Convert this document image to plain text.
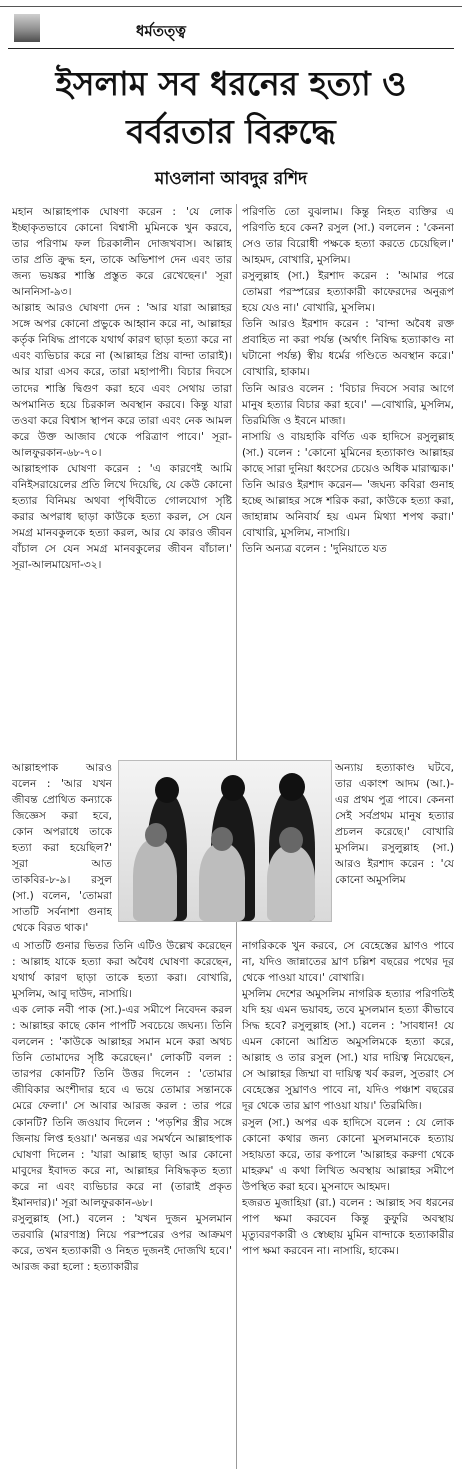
ধর্মতত্ত্ব
ইসলাম সব ধরনের হত্যা ও
বর্বরতার বিরুদ্ধে
মাওলানা আবদুর রশিদ

মহান আল্লাহপাক ঘোষণা করেন : 'যে লোক ইচ্ছাকৃতভাবে কোনো বিশ্বাসী মুমিনকে খুন করবে, তার পরিণাম ফল চিরকালীন দোজখবাস। আল্লাহ তার প্রতি ক্রুদ্ধ হন, তাকে অভিশাপ দেন এবং তার জন্য ভয়ঙ্কর শাস্তি প্রস্তুত করে রেখেছেন।' সূরা আননিসা-৯৩।

আল্লাহ আরও ঘোষণা দেন : 'আর যারা আল্লাহর সঙ্গে অপর কোনো প্রভুকে আহ্বান করে না, আল্লাহর কর্তৃক নিষিদ্ধ প্রাণকে যথার্থ কারণ ছাড়া হত্যা করে না এবং ব্যভিচার করে না (আল্লাহর প্রিয় বান্দা তারাই)। আর যারা এসব করে, তারা মহাপাপী। বিচার দিবসে তাদের শাস্তি দ্বিগুণ করা হবে এবং সেথায় তারা অপমানিত হয়ে চিরকাল অবস্থান করবে। কিন্তু যারা তওবা করে বিশ্বাস স্থাপন করে তারা এবং নেক আমল করে উক্ত আজাব থেকে পরিত্রাণ পাবে।' সূরা-আলফুরকান-৬৮-৭০।

আল্লাহপাক ঘোষণা করেন : 'এ কারণেই আমি বনিইসরায়েলের প্রতি লিখে দিয়েছি, যে কেউ কোনো হত্যার বিনিময় অথবা পৃথিবীতে গোলযোগ সৃষ্টি করার অপরাধ ছাড়া কাউকে হত্যা করল, সে যেন সমগ্র মানবকুলকে হত্যা করল, আর যে কারও জীবন বাঁচাল সে যেন সমগ্র মানবকুলের জীবন বাঁচাল।' সূরা-আলমায়েদা-৩২।

আল্লাহপাক আরও বলেন : 'আর যখন জীবন্ত প্রোথিত কন্যাকে জিজ্ঞেস করা হবে, কোন অপরাধে তাকে হত্যা করা হয়েছিল?' সূরা আত তাকবির-৮-৯। রসুল (সা.) বলেন, 'তোমরা সাতটি সর্বনাশা গুনাহ থেকে বিরত থাক।'
অন্যায় হত্যাকাণ্ড ঘটবে, তার একাংশ আদম (আ.)-এর প্রথম পুত্র পাবে। কেননা সেই সর্বপ্রথম মানুষ হত্যার প্রচলন করেছে।' বোখারি মুসলিম। রসুলুল্লাহ (সা.) আরও ইরশাদ করেন : 'যে কোনো অমুসলিম

এ সাতটি গুনার ভিতর তিনি এটিও উল্লেখ করেছেন : আল্লাহ যাকে হত্যা করা অবৈধ ঘোষণা করেছেন, যথার্থ কারণ ছাড়া তাকে হত্যা করা। বোখারি, মুসলিম, আবু দাউদ, নাসায়ি।

এক লোক নবী পাক (সা.)-এর সমীপে নিবেদন করল : আল্লাহর কাছে কোন পাপটি সবচেয়ে জঘন্য। তিনি বললেন : 'কাউকে আল্লাহর সমান মনে করা অথচ তিনি তোমাদের সৃষ্টি করেছেন।' লোকটি বলল : তারপর কোনটি? তিনি উত্তর দিলেন : 'তোমার জীবিকার অংশীদার হবে এ ভয়ে তোমার সন্তানকে মেরে ফেলা।' সে আবার আরজ করল : তার পরে কোনটি? তিনি জওয়াব দিলেন : 'পড়শির স্ত্রীর সঙ্গে জিনায় লিপ্ত হওয়া।' অনন্তর এর সমর্থনে আল্লাহপাক ঘোষণা দিলেন : 'যারা আল্লাহ ছাড়া আর কোনো মাবুদের ইবাদত করে না, আল্লাহর নিষিদ্ধকৃত হত্যা করে না এবং ব্যভিচার করে না (তারাই প্রকৃত ইমানদার)।' সূরা আলফুরকান-৬৮।

রসুলুল্লাহ (সা.) বলেন : 'যখন দুজন মুসলমান তরবারি (মারণাস্ত্র) নিয়ে পরস্পরের ওপর আক্রমণ করে, তখন হত্যাকারী ও নিহত দুজনই দোজখি হবে।' আরজ করা হলো : হত্যাকারীর

পরিণতি তো বুঝলাম। কিন্তু নিহত ব্যক্তির এ পরিণতি হবে কেন? রসুল (সা.) বললেন : 'কেননা সেও তার বিরোধী পক্ষকে হত্যা করতে চেয়েছিল।' আহমদ, বোখারি, মুসলিম।

রসুলুল্লাহ (সা.) ইরশাদ করেন : 'আমার পরে তোমরা পরস্পরের হত্যাকারী কাফেরদের অনুরূপ হয়ে যেও না।' বোখারি, মুসলিম।

তিনি আরও ইরশাদ করেন : 'বান্দা অবৈধ রক্ত প্রবাহিত না করা পর্যন্ত (অর্থাৎ নিষিদ্ধ হত্যাকাণ্ড না ঘটানো পর্যন্ত) স্বীয় ধর্মের গণ্ডিতে অবস্থান করে।' বোখারি, হাকাম।

তিনি আরও বলেন : 'বিচার দিবসে সবার আগে মানুষ হত্যার বিচার করা হবে।' —বোখারি, মুসলিম, তিরমিজি ও ইবনে মাজা।

নাসায়ি ও বায়হাকি বর্ণিত এক হাদিসে রসুলুল্লাহ (সা.) বলেন : 'কোনো মুমিনের হত্যাকাণ্ড আল্লাহর কাছে সারা দুনিয়া ধ্বংসের চেয়েও অধিক মারাত্মক।' তিনি আরও ইরশাদ করেন— 'জঘন্য কবিরা গুনাহ হচ্ছে আল্লাহর সঙ্গে শরিক করা, কাউকে হত্যা করা, জাহান্নাম অনিবার্য হয় এমন মিথ্যা শপথ করা।' বোখারি, মুসলিম, নাসায়ি।

তিনি অন্যত্র বলেন : 'দুনিয়াতে যত

নাগরিককে খুন করবে, সে বেহেস্তের ঘ্রাণও পাবে না, যদিও জান্নাতের ঘ্রাণ চল্লিশ বছরের পথের দূর থেকে পাওয়া যাবে।' বোখারি।

মুসলিম দেশের অমুসলিম নাগরিক হত্যার পরিণতিই যদি হয় এমন ভয়াবহ, তবে মুসলমান হত্যা কীভাবে সিদ্ধ হবে? রসুলুল্লাহ (সা.) বলেন : 'সাবধান! যে এমন কোনো আশ্রিত অমুসলিমকে হত্যা করে, আল্লাহ ও তার রসুল (সা.) যার দায়িত্ব নিয়েছেন, সে আল্লাহর জিম্মা বা দায়িত্ব খর্ব করল, সুতরাং সে বেহেস্তের সুঘ্রাণও পাবে না, যদিও পঞ্চাশ বছরের দূর থেকে তার ঘ্রাণ পাওয়া যায়।' তিরমিজি।

রসুল (সা.) অপর এক হাদিসে বলেন : যে লোক কোনো কথার জন্য কোনো মুসলমানকে হত্যায় সহায়তা করে, তার কপালে 'আল্লাহর করুণা থেকে মাহরুম' এ কথা লিখিত অবস্থায় আল্লাহর সমীপে উপস্থিত করা হবে। মুসনাদে আহমদ।

হজরত মুজাহিয়া (রা.) বলেন : আল্লাহ সব ধরনের পাপ ক্ষমা করবেন কিন্তু কুফুরি অবস্থায় মৃত্যুবরণকারী ও স্বেচ্ছায় মুমিন বান্দাকে হত্যাকারীর পাপ ক্ষমা করবেন না। নাসায়ি, হাকেম।
